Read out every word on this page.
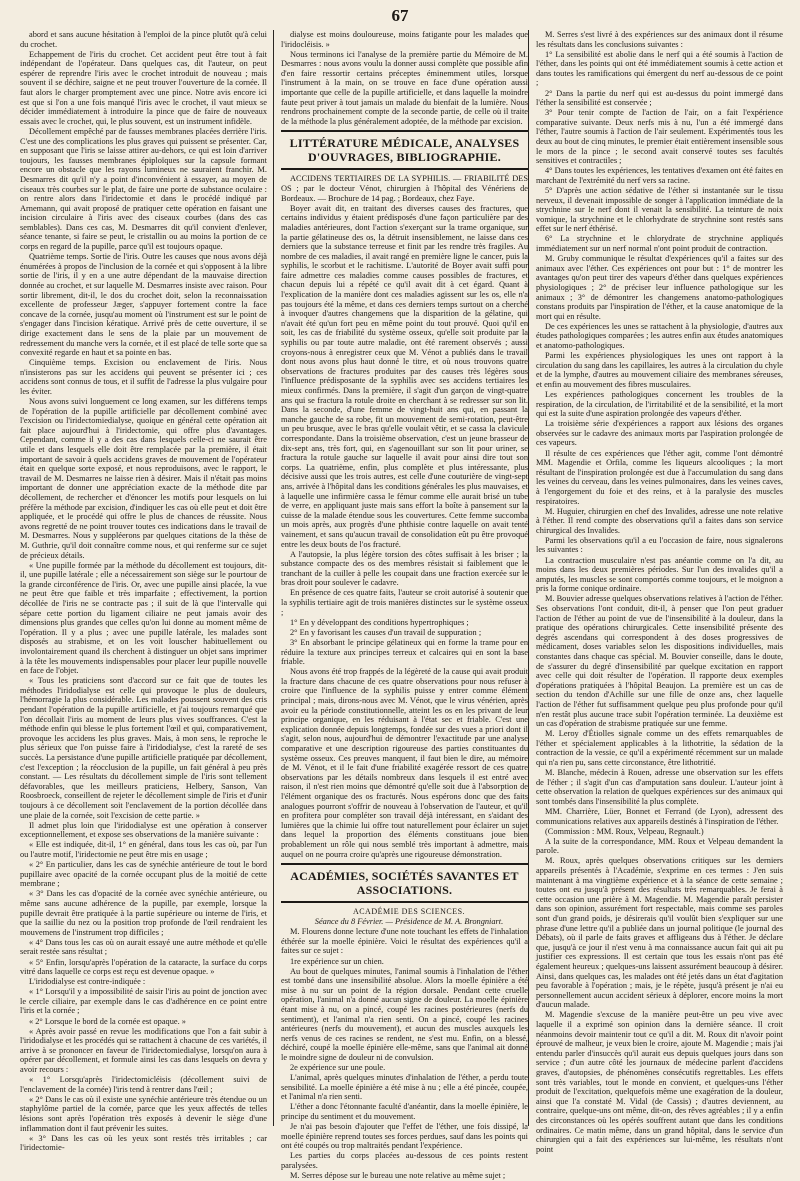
67

abord et sans aucune hésitation à l'emploi de la pince plutôt qu'à celui du crochet.

Echappement de l'iris du crochet. Cet accident peut être tout à fait indépendant de l'opérateur. Dans quelques cas, dit l'auteur, on peut espérer de reprendre l'iris avec le crochet introduit de nouveau ; mais souvent il se déchire, saigne et ne peut trouver l'ouverture de la cornée. Il faut alors le charger promptement avec une pince. Notre avis encore ici est que si l'on a une fois manqué l'iris avec le crochet, il vaut mieux se décider immédiatement à introduire la pince que de faire de nouveaux essais avec le crochet, qui, le plus souvent, est un instrument infidèle.

Décollement empêché par de fausses membranes placées derrière l'iris. C'est une des complications les plus graves qui puissent se présenter. Car, en supposant que l'iris se laisse attirer au-dehors, ce qui est loin d'arriver toujours, les fausses membranes épiploïques sur la capsule formant encore un obstacle que les rayons lumineux ne sauraient franchir. M. Desmarres dit qu'il n'y a point d'inconvénient à essayer, au moyen de ciseaux très courbes sur le plat, de faire une porte de substance oculaire : on rentre alors dans l'iridectomie et dans le procédé indiqué par Arnemann, qui avait proposé de pratiquer cette opération en faisant une incision circulaire à l'iris avec des ciseaux courbes (dans des cas semblables). Dans ces cas, M. Desmarres dit qu'il convient d'enlever, séance tenante, si faire se peut, le cristallin ou au moins la portion de ce corps en regard de la pupille, parce qu'il est toujours opaque.

Quatrième temps. Sortie de l'iris. Outre les causes que nous avons déjà énumérées à propos de l'inclusion de la cornée et qui s'opposent à la libre sortie de l'iris, il y en a une autre dépendant de la mauvaise direction donnée au crochet, et sur laquelle M. Desmarres insiste avec raison. Pour sortir librement, dit-il, le dos du crochet doit, selon la reconnaissation excellente de professeur Jæger, s'appuyer fortement contre la face concave de la cornée, jusqu'au moment où l'instrument est sur le point de s'engager dans l'incision kératique. Arrivé près de cette ouverture, il se dirige exactement dans le sens de la plaie par un mouvement de redressement du manche vers la cornée, et il est placé de telle sorte que sa convexité regarde en haut et sa pointe en bas.

Cinquième temps. Excision ou enclavement de l'iris. Nous n'insisterons pas sur les accidens qui peuvent se présenter ici ; ces accidens sont connus de tous, et il suffit de l'adresse la plus vulgaire pour les éviter.

Nous avons suivi longuement ce long examen, sur les différens temps de l'opération de la pupille artificielle par décollement combiné avec l'excision ou l'iridectomiedialyse, quoique en général cette opération ait fait place aujourd'hui à l'iridectomie, qui offre plus d'avantages. Cependant, comme il y a des cas dans lesquels celle-ci ne saurait être utile et dans lesquels elle doit être remplacée par la première, il était important de savoir à quels accidens graves de mouvement de l'opérateur était en quelque sorte exposé, et nous reproduisons, avec le rapport, le travail de M. Desmarres ne laisse rien à désirer. Mais il n'était pas moins important de donner une appréciation exacte de la méthode dite par décollement, de rechercher et d'énoncer les motifs pour lesquels on lui préfère la méthode par excision, d'indiquer les cas où elle peut et doit être appliquée, et le procédé qui offre le plus de chances de réussite. Nous avons regretté de ne point trouver toutes ces indications dans le travail de M. Desmarres. Nous y suppléerons par quelques citations de la thèse de M. Guthrie, qu'il doit connaître comme nous, et qui renferme sur ce sujet de précieux détails.

« Une pupille formée par la méthode du décollement est toujours, dit-il, une pupille latérale ; elle a nécessairement son siège sur le pourtour de la grande circonférence de l'iris. Or, avec une pupille ainsi placée, la vue ne peut être que faible et très imparfaite ; effectivement, la portion décollée de l'iris ne se contracte pas ; il suit de là que l'intervalle qui sépare cette portion du ligament ciliaire ne peut jamais avoir des dimensions plus grandes que celles qu'on lui donne au moment même de l'opération. Il y a plus ; avec une pupille latérale, les malades sont disposés au strabisme, et on les voit louscher habituellement ou involontairement quand ils cherchent à distinguer un objet sans imprimer à la tête les mouvements indispensables pour placer leur pupille nouvelle en face de l'objet.

« Tous les praticiens sont d'accord sur ce fait que de toutes les méthodes l'iridodialyse est celle qui provoque le plus de douleurs, l'hémorragie la plus considérable. Les malades poussent souvent des cris pendant l'opération de la pupille artificielle, et j'ai toujours remarqué que l'on décollait l'iris au moment de leurs plus vives souffrances. C'est la méthode enfin qui blesse le plus fortement l'œil et qui, comparativement, provoque les accidens les plus graves. Mais, à mon sens, le reproche le plus sérieux que l'on puisse faire à l'iridodialyse, c'est la rareté de ses succès. La persistance d'une pupille artificielle pratiquée par décollement, c'est l'exception ; la réocclusion de la pupille, un fait général à peu près constant. — Les résultats du décollement simple de l'iris sont tellement défavorables, que les meilleurs praticiens, Helbery, Sanson, Van Roosbroeck, conseillent de rejeter le décollement simple de l'iris et d'unir toujours à ce décollement soit l'enclavement de la portion décollée dans une plaie de la cornée, soit l'excision de cette partie. »

Il admet plus loin que l'iridodialyse est une opération à conserver exceptionnellement, et expose ses observations de la manière suivante :

« Elle est indiquée, dit-il, 1° en général, dans tous les cas où, par l'un ou l'autre motif, l'iridectomie ne peut être mis en usage ;

« 2° En particulier, dans les cas de synéchie antérieure de tout le bord pupillaire avec opacité de la cornée occupant plus de la moitié de cette membrane ;

« 3° Dans les cas d'opacité de la cornée avec synéchie antérieure, ou même sans aucune adhérence de la pupille, par exemple, lorsque la pupille devrait être pratiquée à la partie supérieure ou interne de l'iris, et que la saillie du nez ou la position trop profonde de l'œil rendraient les mouvemens de l'instrument trop difficiles ;

« 4° Dans tous les cas où on aurait essayé une autre méthode et qu'elle serait restée sans résultat ;

« 5° Enfin, lorsqu'après l'opération de la cataracte, la surface du corps vitré dans laquelle ce corps est reçu est devenue opaque. »

L'iridodialyse est contre-indiquée :

« 1° Lorsqu'il y a impossibilité de saisir l'iris au point de jonction avec le cercle ciliaire, par exemple dans le cas d'adhérence en ce point entre l'iris et la cornée ;

« 2° Lorsque le bord de la cornée est opaque. »

« Après avoir passé en revue les modifications que l'on a fait subir à l'iridodialyse et les procédés qui se rattachent à chacune de ces variétés, il arrive à se prononcer en faveur de l'iridectomiedialyse, lorsqu'on aura à opérer par décollement, et formule ainsi les cas dans lesquels on devra y avoir recours :

« 1° Lorsqu'après l'iridectomicléisis (décollement suivi de l'enclavement de la cornée) l'iris tend à rentrer dans l'œil ;

« 2° Dans le cas où il existe une synéchie antérieure très étendue ou un staphylôme partiel de la cornée, parce que les yeux affectés de telles lésions sont après l'opération très exposés à devenir le siège d'une inflammation dont il faut prévenir les suites.

« 3° Dans les cas où les yeux sont restés très irritables ; car l'iridectomie-

dialyse est moins douloureuse, moins fatigante pour les malades que l'iridocléisis. »

Nous terminons ici l'analyse de la première partie du Mémoire de M. Desmarres : nous avons voulu la donner aussi complète que possible afin d'en faire ressortir certains préceptes éminemment utiles, lorsque l'instrument à la main, on se trouve en face d'une opération aussi importante que celle de la pupille artificielle, et dans laquelle la moindre faute peut priver à tout jamais un malade du bienfait de la lumière. Nous rendrons prochainement compte de la seconde partie, de celle où il traite de la méthode la plus généralement adoptée, de la méthode par excision.

LITTÉRATURE MÉDICALE, ANALYSES D'OUVRAGES, BIBLIOGRAPHIE.

ACCIDENS TERTIAIRES DE LA SYPHILIS. — FRIABILITÉ DES OS ; par le docteur Vénot, chirurgien à l'hôpital des Vénériens de Bordeaux. — Brochure de 14 pag. ; Bordeaux, chez Faye.

Boyer avait dit, en traitant des diverses causes des fractures, que certains individus y étaient prédisposés d'une façon particulière par des maladies antérieures, dont l'action s'exerçant sur la trame organique, sur la partie gélatineuse des os, la détruit insensiblement, ne laisse dans ces derniers que la substance terreuse et finit par les rendre très fragiles. Au nombre de ces maladies, il avait rangé en première ligne le cancer, puis la syphilis, le scorbut et le rachitisme. L'autorité de Boyer avait suffi pour faire admettre ces maladies comme causes possibles de fractures, et chacun depuis lui a répété ce qu'il avait dit à cet égard. Quant à l'explication de la manière dont ces maladies agissent sur les os, elle n'a pas toujours été la même, et dans ces derniers temps surtout on a cherché à invoquer d'autres changemens que la disparition de la gélatine, qui n'avait été qu'un fort peu en même point du tout prouvé. Quoi qu'il en soit, les cas de friabilité du système osseux, qu'elle soit produite par la syphilis ou par toute autre maladie, ont été rarement observés ; aussi croyons-nous à enregistrer ceux que M. Vénot a publiés dans le travail dont nous avons plus haut donné le titre, et où nous trouvons quatre observations de fractures produites par des causes très légères sous l'influence prédisposante de la syphilis avec ses accidens tertiaires les mieux confirmés. Dans la première, il s'agit d'un garçon de vingt-quatre ans qui se fractura la rotule droite en cherchant à se redresser sur son lit. Dans la seconde, d'une femme de vingt-huit ans qui, en passant la manche gauche de sa robe, fit un mouvement de semi-rotation, peut-être un peu brusque, avec le bras qu'elle voulait vêtir, et se cassa la clavicule correspondante. Dans la troisième observation, c'est un jeune brasseur de dix-sept ans, très fort, qui, en s'agenouillant sur son lit pour uriner, se fractura la rotule gauche sur laquelle il avait pour ainsi dire tout son corps. La quatrième, enfin, plus complète et plus intéressante, plus décisive aussi que les trois autres, est celle d'une couturière de vingt-sept ans, arrivée à l'hôpital dans les conditions générales les plus mauvaises, et à laquelle une infirmière cassa le fémur comme elle aurait brisé un tube de verre, en appliquant juste mais sans effort la boîte à pansement sur la cuisse de la malade étendue sous les couvertures. Cette femme succomba un mois après, aux progrès d'une phthisie contre laquelle on avait tenté vainement, et sans qu'aucun travail de consolidation eût pu être provoqué entre les deux bouts de l'os fracturé.

A l'autopsie, la plus légère torsion des côtes suffisait à les briser ; la substance compacte des os des membres résistait si faiblement que le tranchant de la cuiller à pelle les coupait dans une fraction exercée sur le bras droit pour soulever le cadavre.

En présence de ces quatre faits, l'auteur se croit autorisé à soutenir que la syphilis tertiaire agit de trois manières distinctes sur le système osseux ;

1° En y développant des conditions hypertrophiques ;

2° En y favorisant les causes d'un travail de suppuration ;

3° En absorbant le principe gélatineux qui en forme la trame pour en réduire la texture aux principes terreux et calcaires qui en sont la base friable.

Nous avons été trop frappés de la légèreté de la cause qui avait produit la fracture dans chacune de ces quatre observations pour nous refuser à croire que l'influence de la syphilis puisse y entrer comme élément principal ; mais, dirons-nous avec M. Vénot, que le virus vénérien, après avoir eu la période constitutionnelle, atteint les os en les privant de leur principe organique, en les réduisant à l'état sec et friable. C'est une explication donnée depuis longtemps, fondée sur des vues a priori dont il s'agit, selon nous, aujourd'hui de démontrer l'exactitude par une analyse comparative et une description rigoureuse des parties constituantes du système osseux. Ces preuves manquent, il faut bien le dire, au mémoire de M. Vénot, et il le fait d'une friabilité exagérée ressort de ces quatre observations par les détails nombreux dans lesquels il est entré avec raison, il n'est rien moins que démontré qu'elle soit due à l'absorption de l'élément organique des os fracturés. Nous espérons donc que des faits analogues pourront s'offrir de nouveau à l'observation de l'auteur, et qu'il en profitera pour compléter son travail déjà intéressant, en s'aidant des lumières que la chimie lui offre tout naturellement pour éclairer un sujet dans lequel la proportion des éléments constituans joue bien probablement un rôle qui nous semblé très important à admettre, mais auquel on ne pourra croire qu'après une rigoureuse démonstration.

ACADÉMIES, SOCIÉTÉS SAVANTES ET ASSOCIATIONS.

ACADÉMIE DES SCIENCES.

Séance du 8 Février. — Présidence de M. A. Brongniart.

M. Flourens donne lecture d'une note touchant les effets de l'inhalation éthérée sur la moelle épinière. Voici le résultat des expériences qu'il a faites sur ce sujet :

1re expérience sur un chien.

Au bout de quelques minutes, l'animal soumis à l'inhalation de l'éther est tombé dans une insensibilité absolue. Alors la moelle épinière a été mise à nu sur un point de la région dorsale. Pendant cette cruelle opération, l'animal n'a donné aucun signe de douleur. La moelle épinière étant mise à nu, on a pincé, coupé les racines postérieures (nerfs du sentiment), et l'animal n'a rien senti. On a pincé, coupé les racines antérieures (nerfs du mouvement), et aucun des muscles auxquels les nerfs venus de ces racines se rendent, ne s'est mu. Enfin, on a blessé, déchiré, coupé la moelle épinière elle-même, sans que l'animal ait donné le moindre signe de douleur ni de convulsion.

2e expérience sur une poule.

L'animal, après quelques minutes d'inhalation de l'éther, a perdu toute sensibilité. La moelle épinière a été mise à nu ; elle a été pincée, coupée, et l'animal n'a rien senti.

L'éther a donc l'étonnante faculté d'anéantir, dans la moelle épinière, le principe du sentiment et du mouvement.

Je n'ai pas besoin d'ajouter que l'effet de l'éther, une fois dissipé, la moelle épinière reprend toutes ses forces perdues, sauf dans les points qui ont été coupés ou trop maltraités pendant l'expérience.

Les parties du corps placées au-dessous de ces points restent paralysées.

M. Serres dépose sur le bureau une note relative au même sujet ;

M. Serres s'est livré à des expériences sur des animaux dont il résume les résultats dans les conclusions suivantes :

1° La sensibilité est abolie dans le nerf qui a été soumis à l'action de l'éther, dans les points qui ont été immédiatement soumis à cette action et dans toutes les ramifications qui émergent du nerf au-dessous de ce point ;

2° Dans la partie du nerf qui est au-dessus du point immergé dans l'éther la sensibilité est conservée ;

3° Pour tenir compte de l'action de l'air, on a fait l'expérience comparative suivante. Deux nerfs mis à nu, l'un a été immergé dans l'éther, l'autre soumis à l'action de l'air seulement. Expérimentés tous les deux au bout de cinq minutes, le premier était entièrement insensible sous le mors de la pince ; le second avait conservé toutes ses facultés sensitives et contractiles ;

4° Dans toutes les expériences, les tentatives d'examen ont été faites en marchant de l'extrémité du nerf vers sa racine.

5° D'après une action sédative de l'éther si instantanée sur le tissu nerveux, il devenait impossible de songer à l'application immédiate de la strychnine sur le nerf dont il venait la sensibilité. La teinture de noix vomique, la strychnine et le chlorhydrate de strychnine sont restés sans effet sur le nerf éthérisé.

6° La strychnine et le chlorydrate de strychnine appliqués immédiatement sur un nerf normal n'ont point produit de contraction.

M. Gruby communique le résultat d'expériences qu'il a faites sur des animaux avec l'éther. Ces expériences ont pour but : 1° de montrer les avantages qu'on peut tirer des vapeurs d'éther dans quelques expériences physiologiques ; 2° de préciser leur influence pathologique sur les animaux ; 3° de démontrer les changemens anatomo-pathologiques constans produits par l'inspiration de l'éther, et la cause anatomique de la mort qui en résulte.

De ces expériences les unes se rattachent à la physiologie, d'autres aux études pathologiques comparées ; les autres enfin aux études anatomiques et anatomo-pathologiques.

Parmi les expériences physiologiques les unes ont rapport à la circulation du sang dans les capillaires, les autres à la circulation du chyle et de la lymphe, d'autres au mouvement ciliaire des membranes séreuses, et enfin au mouvement des fibres musculaires.

Les expériences pathologiques concernent les troubles de la respiration, de la circulation, de l'irritabilité et de la sensibilité, et la mort qui est la suite d'une aspiration prolongée des vapeurs d'éther.

La troisième série d'expériences a rapport aux lésions des organes observées sur le cadavre des animaux morts par l'aspiration prolongée de ces vapeurs.

Il résulte de ces expériences que l'éther agit, comme l'ont démontré MM. Magendie et Orfila, comme les liqueurs alcooliques ; la mort résultant de l'inspiration prolongée est due à l'accumulation du sang dans les veines du cerveau, dans les veines pulmonaires, dans les veines caves, à l'engorgement du foie et des reins, et à la paralysie des muscles respiratoires.

M. Huguier, chirurgien en chef des Invalides, adresse une note relative à l'éther. Il rend compte des observations qu'il a faites dans son service chirurgical des Invalides.

Parmi les observations qu'il a eu l'occasion de faire, nous signalerons les suivantes :

La contraction musculaire n'est pas anéantie comme on l'a dit, au moins dans les deux premières périodes. Sur l'un des invalides qu'il a amputés, les muscles se sont comportés comme toujours, et le moignon a pris la forme conique ordinaire.

M. Bouvier adresse quelques observations relatives à l'action de l'éther. Ses observations l'ont conduit, dit-il, à penser que l'on peut graduer l'action de l'éther au point de vue de l'insensibilité à la douleur, dans la pratique des opérations chirurgicales. Cette insensibilité présente des degrés ascendans qui correspondent à des doses progressives de médicament, doses variables selon les dispositions individuelles, mais constantes dans chaque cas spécial. M. Bouvier conseille, dans le doute, de s'assurer du degré d'insensibilité par quelque excitation en rapport avec celle qui doit résulter de l'opération. Il rapporte deux exemples d'opérations pratiquées à l'hôpital Beaujon. La première est un cas de section du tendon d'Achille sur une fille de onze ans, chez laquelle l'action de l'éther fut suffisamment quelque peu plus profonde pour qu'il n'en restât plus aucune trace subit l'opération terminée. La deuxième est un cas d'opération de strabisme pratiquée sur une femme.

M. Leroy d'Étiolles signale comme un des effets remarquables de l'éther et spécialement applicables à la lithotritie, la sédation de la contraction de la vessie, ce qu'il a expérimenté récemment sur un malade qui n'a rien pu, sans cette circonstance, être lithotritié.

M. Blanche, médecin à Rouen, adresse une observation sur les effets de l'éther ; il s'agit d'un cas d'amputation sans douleur. L'auteur joint à cette observation la relation de quelques expériences sur des animaux qui sont tombés dans l'insensibilité la plus complète.

MM. Charrière, Lüer, Bonnet et Ferrand (de Lyon), adressent des communications relatives aux appareils destinés à l'inspiration de l'éther.

(Commission : MM. Roux, Velpeau, Regnault.)

A la suite de la correspondance, MM. Roux et Velpeau demandent la parole.

M. Roux, après quelques observations critiques sur les derniers appareils présentés à l'Académie, s'exprime en ces termes : J'en suis maintenant à ma vingtième expérience et à la séance de cette semaine ; toutes ont eu jusqu'à présent des résultats très remarquables. Je ferai à cette occasion une prière à M. Magendie. M. Magendie paraît persister dans son opinion, assurément fort respectable, mais comme ses paroles sont d'un grand poids, je désirerais qu'il voulût bien s'expliquer sur une phrase d'une lettre qu'il a publiée dans un journal politique (le journal des Débats), où il parle de faits graves et affligeans dus à l'éther. Je déclare que, jusqu'à ce jour il n'est venu à ma connaissance aucun fait qui ait pu justifier ces expressions. Il est certain que tous les essais n'ont pas été également heureux ; quelques-uns laissent assurément beaucoup à désirer. Ainsi, dans quelques cas, les malades ont été jetés dans un état d'agitation peu favorable à l'opération ; mais, je le répète, jusqu'à présent je n'ai eu personnellement aucun accident sérieux à déplorer, encore moins la mort d'aucun malade.

M. Magendie s'excuse de la manière peut-être un peu vive avec laquelle il a exprimé son opinion dans la dernière séance. Il croit néanmoins devoir maintenir tout ce qu'il a dit. M. Roux dit n'avoir point éprouvé de malheur, je veux bien le croire, ajoute M. Magendie ; mais j'ai entendu parler d'insuccès qu'il aurait eus depuis quelques jours dans son service ; d'un autre côté les journaux de médecine parlent d'accidens graves, d'autopsies, de phénomènes consécutifs regrettables. Les effets sont très variables, tout le monde en convient, et quelques-uns l'éther produit de l'excitation, quelquefois même une exagération de la douleur, ainsi que l'a constaté M. Vidal (de Cassis) ; d'autres deviennent, au contraire, quelque-uns ont même, dit-on, des rêves agréables ; il y a enfin des circonstances où les opérés souffrent autant que dans les conditions ordinaires. Ce matin même, dans un grand hôpital, dans le service d'un chirurgien qui a fait des expériences sur lui-même, les résultats n'ont point
